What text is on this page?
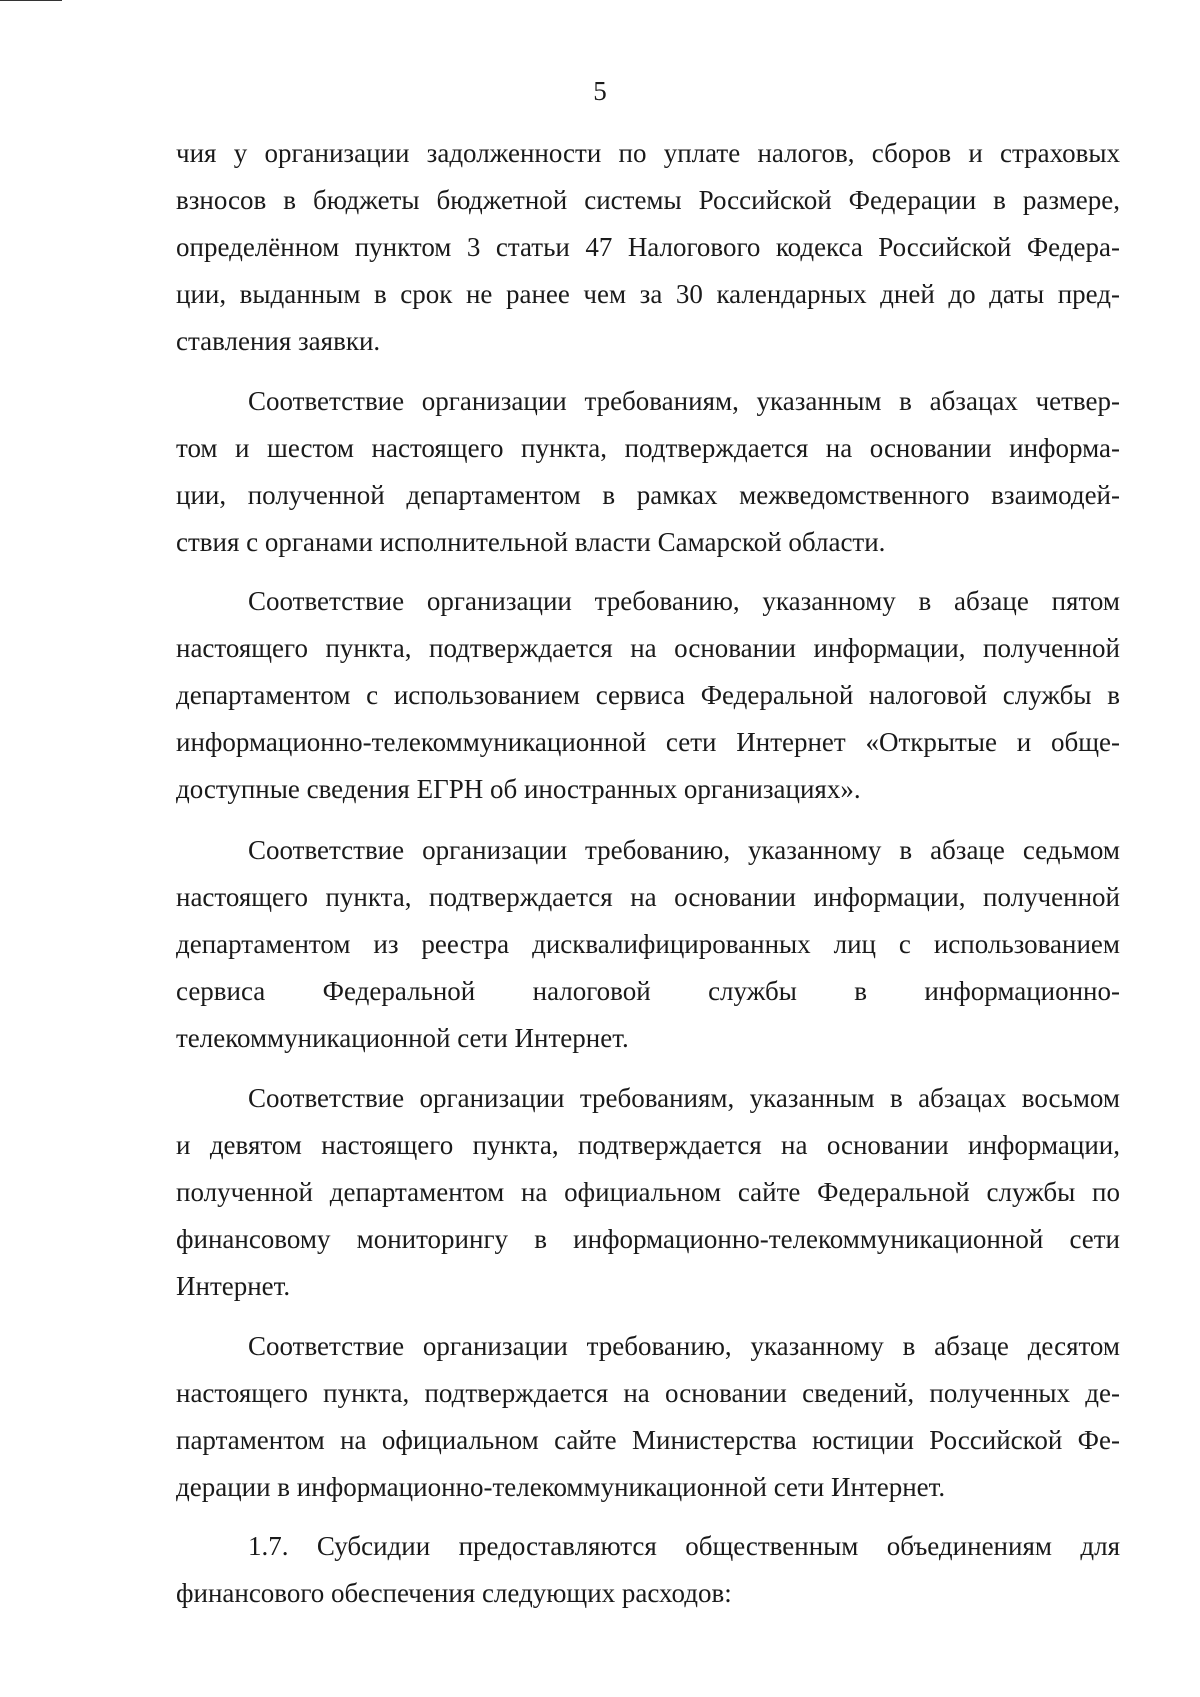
5
чия у организации задолженности по уплате налогов, сборов и страховых
взносов в бюджеты бюджетной системы Российской Федерации в размере,
определённом пунктом 3 статьи 47 Налогового кодекса Российской Федера-
ции, выданным в срок не ранее чем за 30 календарных дней до даты пред-
ставления заявки.
Соответствие организации требованиям, указанным в абзацах четвер-
том и шестом настоящего пункта, подтверждается на основании информа-
ции, полученной департаментом в рамках межведомственного взаимодей-
ствия с органами исполнительной власти Самарской области.
Соответствие организации требованию, указанному в абзаце пятом
настоящего пункта, подтверждается на основании информации, полученной
департаментом с использованием сервиса Федеральной налоговой службы в
информационно-телекоммуникационной сети Интернет «Открытые и обще-
доступные сведения ЕГРН об иностранных организациях».
Соответствие организации требованию, указанному в абзаце седьмом
настоящего пункта, подтверждается на основании информации, полученной
департаментом из реестра дисквалифицированных лиц с использованием
сервиса Федеральной налоговой службы в информационно-
телекоммуникационной сети Интернет.
Соответствие организации требованиям, указанным в абзацах восьмом
и девятом настоящего пункта, подтверждается на основании информации,
полученной департаментом на официальном сайте Федеральной службы по
финансовому мониторингу в информационно-телекоммуникационной сети
Интернет.
Соответствие организации требованию, указанному в абзаце десятом
настоящего пункта, подтверждается на основании сведений, полученных де-
партаментом на официальном сайте Министерства юстиции Российской Фе-
дерации в информационно-телекоммуникационной сети Интернет.
1.7. Субсидии предоставляются общественным объединениям для
финансового обеспечения следующих расходов:
